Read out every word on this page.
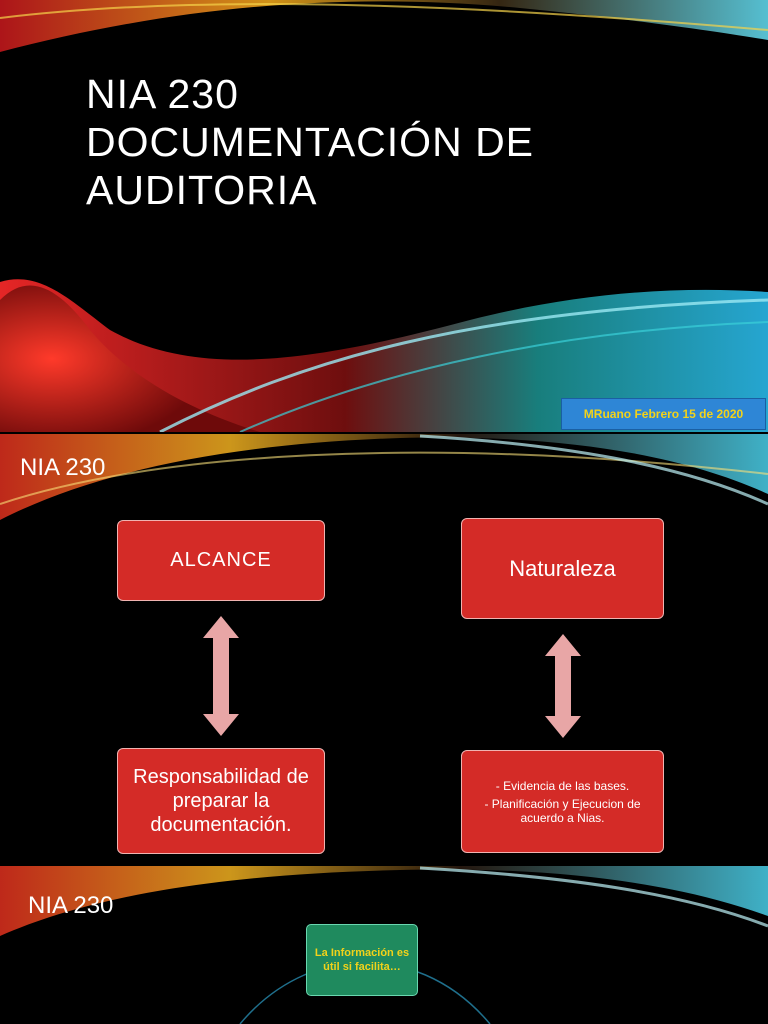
NIA 230
DOCUMENTACIÓN DE
AUDITORIA
MRuano Febrero 15 de 2020
NIA 230
ALCANCE	Naturaleza
Responsabilidad de preparar la documentación.
- Evidencia de las bases.
- Planificación y Ejecucion de acuerdo a Nias.
NIA 230
La Información es útil si facilita…
